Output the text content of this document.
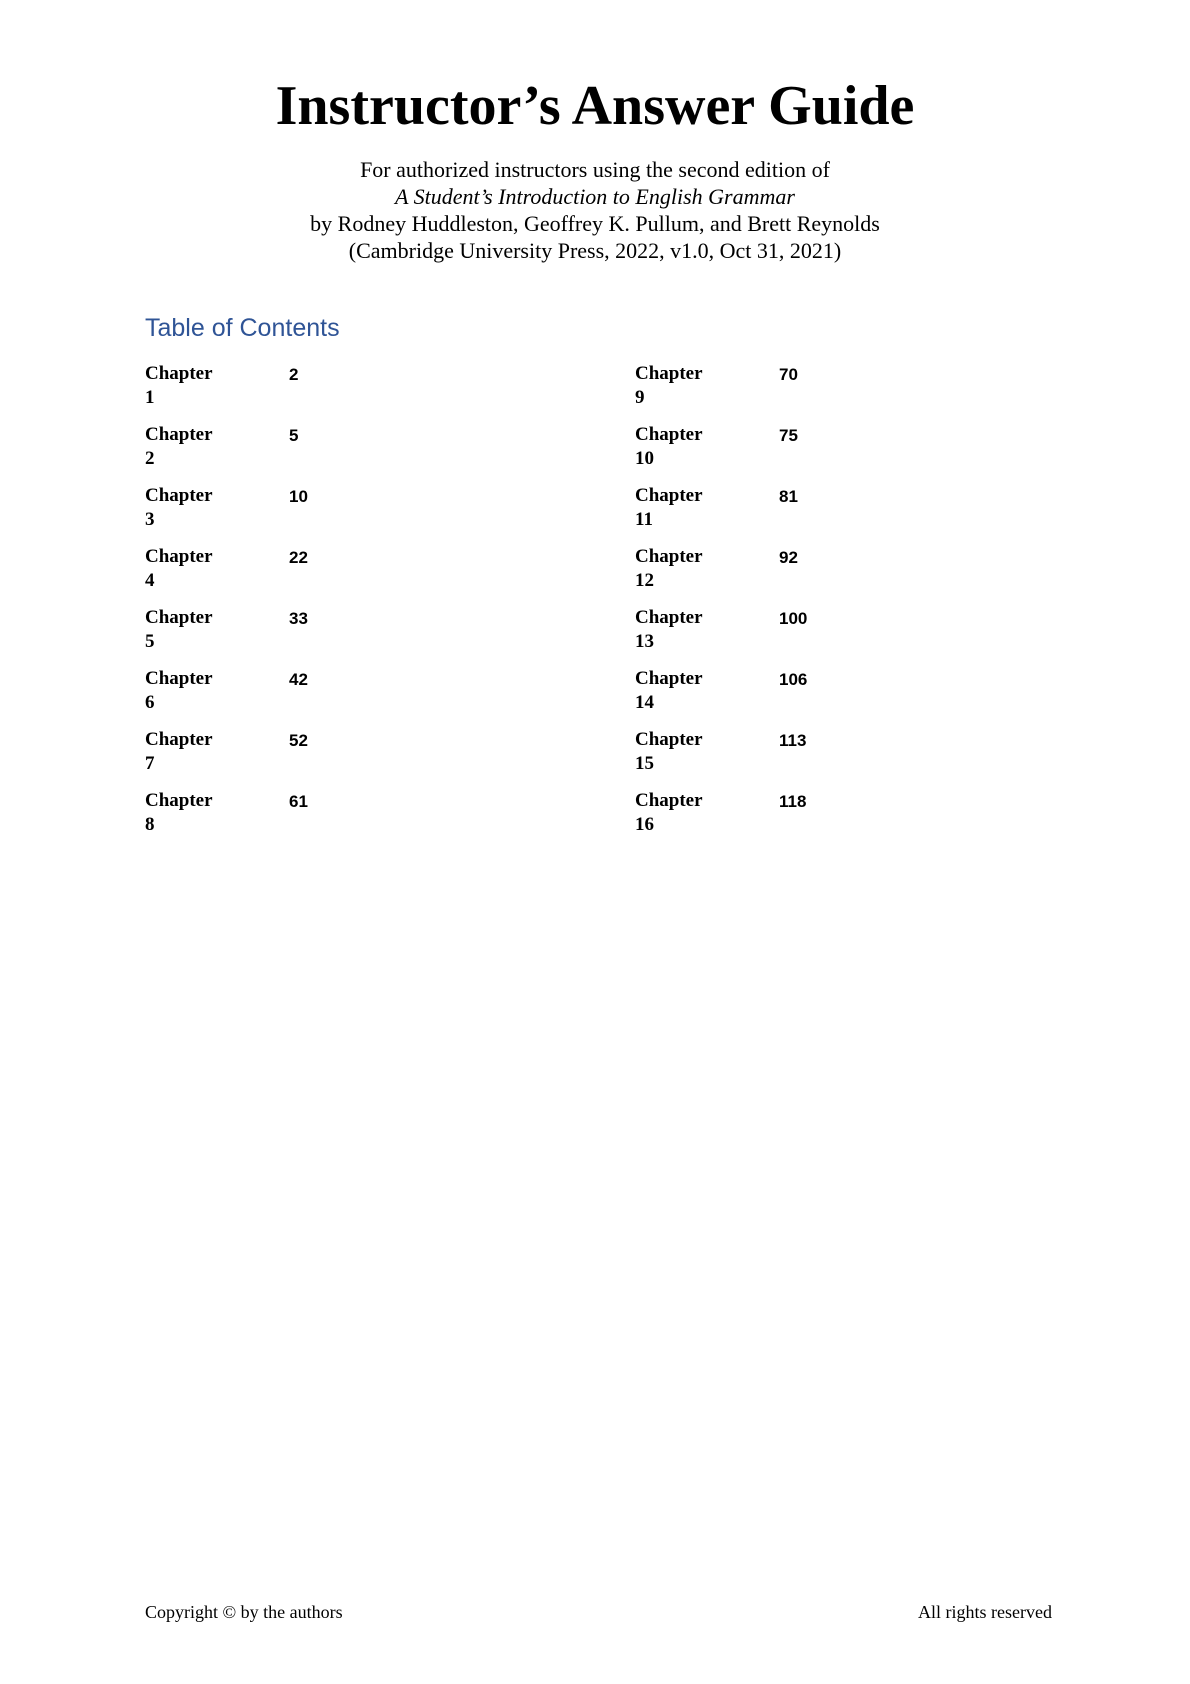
Instructor’s Answer Guide
For authorized instructors using the second edition of
A Student’s Introduction to English Grammar
by Rodney Huddleston, Geoffrey K. Pullum, and Brett Reynolds
(Cambridge University Press, 2022, v1.0, Oct 31, 2021)
Table of Contents
Chapter 1
2
Chapter 2
5
Chapter 3
10
Chapter 4
22
Chapter 5
33
Chapter 6
42
Chapter 7
52
Chapter 8
61
Chapter 9
70
Chapter 10
75
Chapter 11
81
Chapter 12
92
Chapter 13
100
Chapter 14
106
Chapter 15
113
Chapter 16
118
Copyright © by the authors	All rights reserved
